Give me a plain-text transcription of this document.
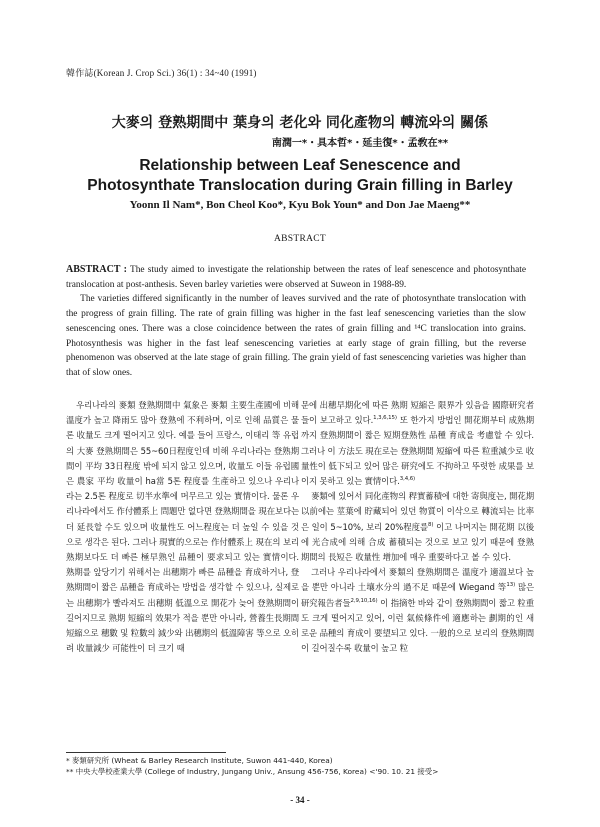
韓作誌(Korean J. Crop Sci.) 36(1) : 34~40 (1991)
大麥의 登熟期間中 葉身의 老化와 同化產物의 轉流와의 關係
南潤一*・具本哲*・延圭復*・孟敎在**
Relationship between Leaf Senescence and
Photosynthate Translocation during Grain filling in Barley
Yoonn Il Nam*, Bon Cheol Koo*, Kyu Bok Youn* and Don Jae Maeng**
ABSTRACT

ABSTRACT : The study aimed to investigate the relationship between the rates of leaf senescence and photosynthate translocation at post-anthesis. Seven barley varieties were observed at Suweon in 1988-89.

The varieties differed significantly in the number of leaves survived and the rate of photosynthate translocation with the progress of grain filling. The rate of grain filling was higher in the fast leaf senescencing varieties than the slow senescencing ones. There was a close coincidence between the rates of grain filling and ¹⁴C translocation into grains. Photosynthesis was higher in the fast leaf senescencing varieties at early stage of grain filling, but the reverse phenomenon was observed at the late stage of grain filling. The grain yield of fast senescencing varieties was higher than that of slow ones.

우리나라의 麥類 登熟期間中 氣象은 麥類 主要生產國에 비해 溫度가 높고 降雨도 많아 登熟에 不利하며, 이로 인해 品質은 물론 收量도 크게 떨어지고 있다. 예를 들어 프랑스, 이태리 等 유럽의 大麥 登熟期間은 55~60日程度인데 비해 우리나라는 登熟期間이 平均 33日程度 밖에 되지 않고 있으며, 收量도 이들 유럽國은 農家 平均 收量이 ha當 5톤 程度를 生產하고 있으나 우리나라는 2.5톤 程度로 切半水準에 머무르고 있는 實情이다. 물론 우리나라에서도 作付體系上 問題만 없다면 登熟期間을 現在보다는 더 延長할 수도 있으며 收量性도 어느程度는 더 높일 수 있을 것으로 생각은 된다. 그러나 現實的으로는 作付體系上 現在의 보리 熟期보다도 더 빠른 極早熟인 品種이 要求되고 있는 實情이다. 熟期를 앞당기기 위해서는 出穗期가 빠른 品種을 育成하거나, 登熟期間이 짧은 品種을 育成하는 방법을 생각할 수 있으나, 실제로는 出穗期가 빨라져도 出穗期 低溫으로 開花가 늦어 登熟期間이 길어지므로 熟期 短縮의 效果가 적을 뿐만 아니라, 營養生長期間 短縮으로 穗數 및 粒數의 減少와 出穗期의 低溫障害 等으로 오히려 收量減少 可能性이 더 크기 때

문에 出穗早期化에 따른 熟期 短縮은 限界가 있음을 國際研究者들이 보고하고 있다.$^{1,3,6,15)}$ 또 한가지 방법인 開花期부터 成熟期까지 登熟期間이 짧은 短期登熟性 品種 育成을 考慮할 수 있다. 그러나 이 方法도 現在로는 登熟期間 短縮에 따른 粒重減少로 收量性이 低下되고 있어 많은 研究에도 不拘하고 뚜렷한 成果를 보이지 못하고 있는 實情이다.$^{3,4,6)}$

麥類에 있어서 同化產物의 稈實蓄積에 대한 寄與度는, 開花期 以前에는 莖葉에 貯藏되어 있던 物質이 이삭으로 轉流되는 比率은 일이 5~10%, 보리 20%程度를$^{8)}$ 이고 나머지는 開花期 以後에 光合成에 의해 合成 蓄積되는 것으로 보고 있기 때문에 登熟期間의 長短은 收量性 增加에 매우 重要하다고 볼 수 있다.

그러나 우리나라에서 麥類의 登熟期間은 溫度가 適溫보다 높을 뿐만 아니라 土壤水分의 過不足 때문에 Wiegand 等$^{13)}$ 많은 研究報告者들$^{2,9,10,16)}$ 이 指摘한 바와 같이 登熟期間이 짧고 粒重도 크게 떨어지고 있어, 이런 氣候條件에 適應하는 劃期的인 새로운 品種의 育成이 要望되고 있다. 一般的으로 보리의 登熟期間이 길어질수록 收量이 높고 粒

* 麥類研究所 (Wheat & Barley Research Institute, Suwon 441-440, Korea)
** 中央大學校產業大學 (College of Industry, Jungang Univ., Ansung 456-756, Korea) <'90. 10. 21 接受>
- 34 -
